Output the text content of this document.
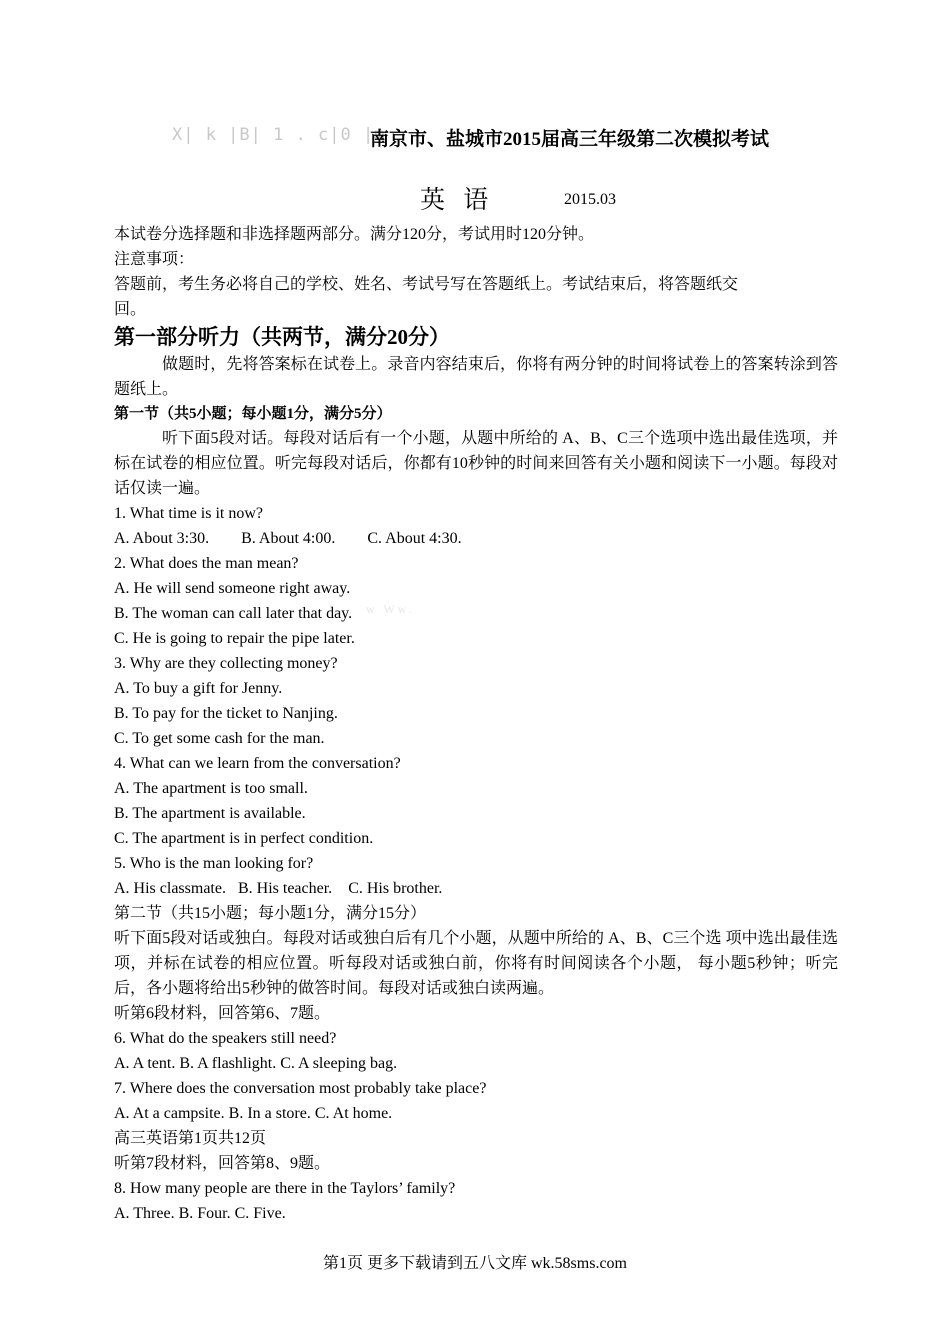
X| k |B| 1 . c|0 |m
南京市、盐城市2015届高三年级第二次模拟考试
英 语	2015.03
w Ww.
本试卷分选择题和非选择题两部分。满分120分，考试用时120分钟。
注意事项：
答题前，考生务必将自己的学校、姓名、考试号写在答题纸上。考试结束后，将答题纸交
回。
第一部分听力（共两节，满分20分）
做题时，先将答案标在试卷上。录音内容结束后，你将有两分钟的时间将试卷上的答案转涂到答题纸上。
第一节（共5小题；每小题1分，满分5分）
听下面5段对话。每段对话后有一个小题，从题中所给的 A、B、C三个选项中选出最佳选项，并标在试卷的相应位置。听完每段对话后，你都有10秒钟的时间来回答有关小题和阅读下一小题。每段对话仅读一遍。
1. What time is it now?
A. About 3:30. B. About 4:00. C. About 4:30.
2. What does the man mean?
A. He will send someone right away.
B. The woman can call later that day.
C. He is going to repair the pipe later.
3. Why are they collecting money?
A. To buy a gift for Jenny.
B. To pay for the ticket to Nanjing.
C. To get some cash for the man.
4. What can we learn from the conversation?
A. The apartment is too small.
B. The apartment is available.
C. The apartment is in perfect condition.
5. Who is the man looking for?
A. His classmate. B. His teacher. C. His brother.
第二节（共15小题；每小题1分，满分15分）
听下面5段对话或独白。每段对话或独白后有几个小题，从题中所给的 A、B、C三个选 项中选出最佳选项，并标在试卷的相应位置。听每段对话或独白前，你将有时间阅读各个小题， 每小题5秒钟；听完后，各小题将给出5秒钟的做答时间。每段对话或独白读两遍。
听第6段材料，回答第6、7题。
6. What do the speakers still need?
A. A tent. B. A flashlight. C. A sleeping bag.
7. Where does the conversation most probably take place?
A. At a campsite. B. In a store. C. At home.
高三英语第1页共12页
听第7段材料，回答第8、9题。
8. How many people are there in the Taylors’ family?
A. Three. B. Four. C. Five.
第1页 更多下载请到五八文库 wk.58sms.com
